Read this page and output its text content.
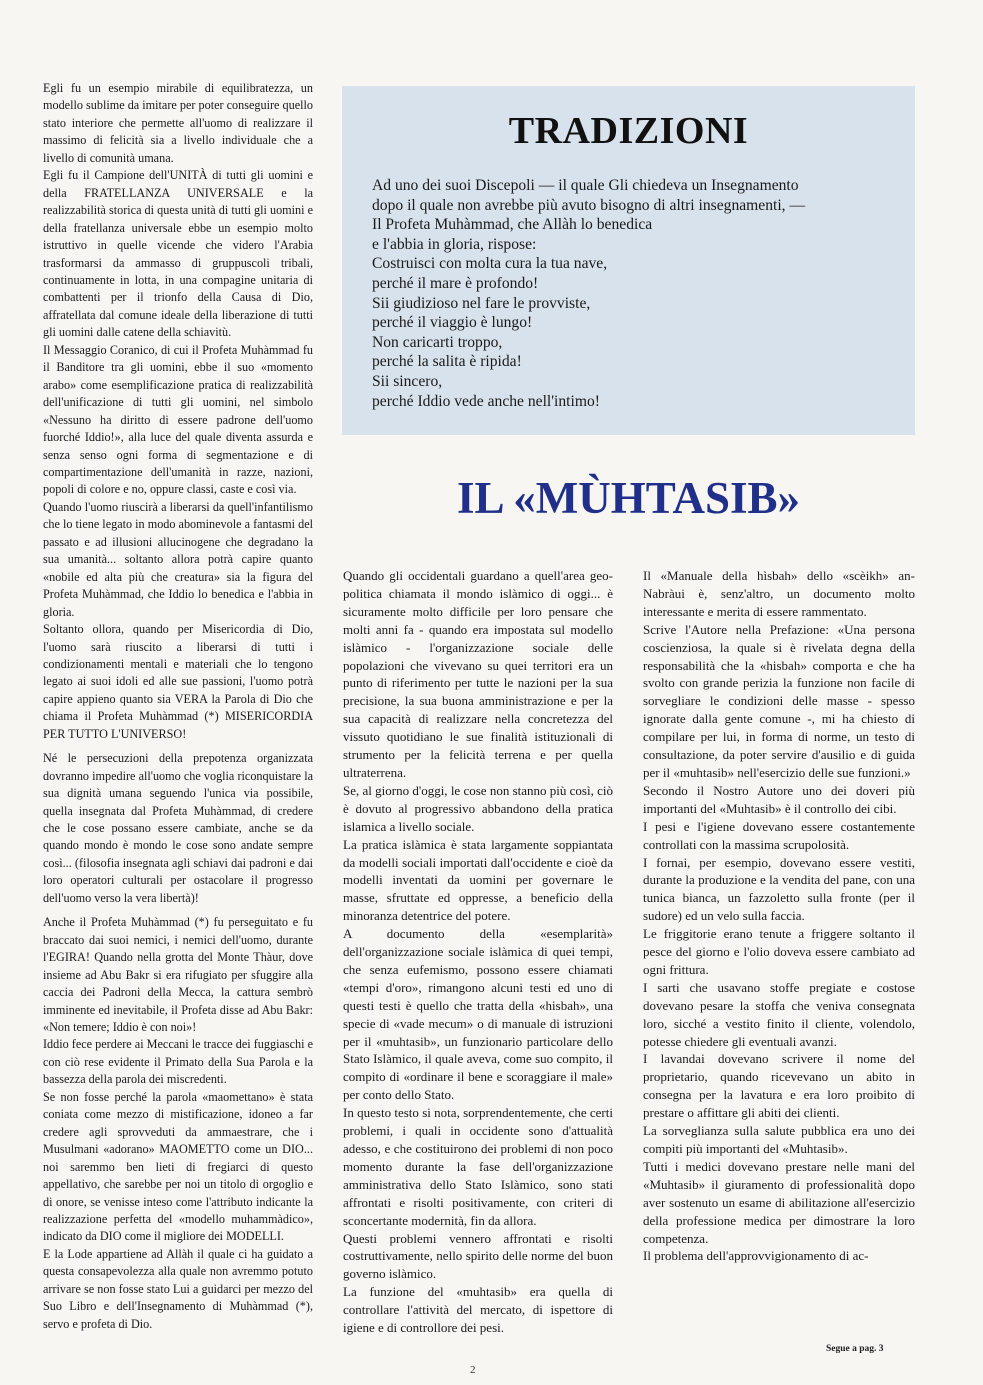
Egli fu un esempio mirabile di equilibratezza, un modello sublime da imitare per poter conseguire quello stato interiore che permette all'uomo di realizzare il massimo di felicità sia a livello individuale che a livello di comunità umana.

Egli fu il Campione dell'UNITÀ di tutti gli uomini e della FRATELLANZA UNIVERSALE e la realizzabilità storica di questa unità di tutti gli uomini e della fratellanza universale ebbe un esempio molto istruttivo in quelle vicende che videro l'Arabia trasformarsi da ammasso di gruppuscoli tribali, continuamente in lotta, in una compagine unitaria di combattenti per il trionfo della Causa di Dio, affratellata dal comune ideale della liberazione di tutti gli uomini dalle catene della schiavitù.

Il Messaggio Coranico, di cui il Profeta Muhàmmad fu il Banditore tra gli uomini, ebbe il suo «momento arabo» come esemplificazione pratica di realizzabilità dell'unificazione di tutti gli uomini, nel simbolo «Nessuno ha diritto di essere padrone dell'uomo fuorché Iddio!», alla luce del quale diventa assurda e senza senso ogni forma di segmentazione e di compartimentazione dell'umanità in razze, nazioni, popoli di colore e no, oppure classi, caste e così via.

Quando l'uomo riuscirà a liberarsi da quell'infantilismo che lo tiene legato in modo abominevole a fantasmi del passato e ad illusioni allucinogene che degradano la sua umanità... soltanto allora potrà capire quanto «nobile ed alta più che creatura» sia la figura del Profeta Muhàmmad, che Iddio lo benedica e l'abbia in gloria.

Soltanto ollora, quando per Misericordia di Dio, l'uomo sarà riuscito a liberarsi di tutti i condizionamenti mentali e materiali che lo tengono legato ai suoi idoli ed alle sue passioni, l'uomo potrà capire appieno quanto sia VERA la Parola di Dio che chiama il Profeta Muhàmmad (*) MISERICORDIA PER TUTTO L'UNIVERSO!

Né le persecuzioni della prepotenza organizzata dovranno impedire all'uomo che voglia riconquistare la sua dignità umana seguendo l'unica via possibile, quella insegnata dal Profeta Muhàmmad, di credere che le cose possano essere cambiate, anche se da quando mondo è mondo le cose sono andate sempre così... (filosofia insegnata agli schiavi dai padroni e dai loro operatori culturali per ostacolare il progresso dell'uomo verso la vera libertà)!

Anche il Profeta Muhàmmad (*) fu perseguitato e fu braccato dai suoi nemici, i nemici dell'uomo, durante l'EGIRA! Quando nella grotta del Monte Thàur, dove insieme ad Abu Bakr si era rifugiato per sfuggire alla caccia dei Padroni della Mecca, la cattura sembrò imminente ed inevitabile, il Profeta disse ad Abu Bakr: «Non temere; Iddio è con noi»!

Iddio fece perdere ai Meccani le tracce dei fuggiaschi e con ciò rese evidente il Primato della Sua Parola e la bassezza della parola dei miscredenti.

Se non fosse perché la parola «maomettano» è stata coniata come mezzo di mistificazione, idoneo a far credere agli sprovveduti da ammaestrare, che i Musulmani «adorano» MAOMETTO come un DIO... noi saremmo ben lieti di fregiarci di questo appellativo, che sarebbe per noi un titolo di orgoglio e di onore, se venisse inteso come l'attributo indicante la realizzazione perfetta del «modello muhammàdico», indicato da DIO come il migliore dei MODELLI.

E la Lode appartiene ad Allàh il quale ci ha guidato a questa consapevolezza alla quale non avremmo potuto arrivare se non fosse stato Lui a guidarci per mezzo del Suo Libro e dell'Insegnamento di Muhàmmad (*), servo e profeta di Dio.

TRADIZIONI
Ad uno dei suoi Discepoli — il quale Gli chiedeva un Insegnamento
dopo il quale non avrebbe più avuto bisogno di altri insegnamenti, —
Il Profeta Muhàmmad, che Allàh lo benedica
e l'abbia in gloria, rispose:
Costruisci con molta cura la tua nave,
perché il mare è profondo!
Sii giudizioso nel fare le provviste,
perché il viaggio è lungo!
Non caricarti troppo,
perché la salita è ripida!
Sii sincero,
perché Iddio vede anche nell'intimo!
IL «MÙHTASIB»

Quando gli occidentali guardano a quell'area geo-politica chiamata il mondo islàmico di oggi... è sicuramente molto difficile per loro pensare che molti anni fa - quando era impostata sul modello islàmico - l'organizzazione sociale delle popolazioni che vivevano su quei territori era un punto di riferimento per tutte le nazioni per la sua precisione, la sua buona amministrazione e per la sua capacità di realizzare nella concretezza del vissuto quotidiano le sue finalità istituzionali di strumento per la felicità terrena e per quella ultraterrena.

Se, al giorno d'oggi, le cose non stanno più così, ciò è dovuto al progressivo abbandono della pratica islamica a livello sociale.

La pratica islàmica è stata largamente soppiantata da modelli sociali importati dall'occidente e cioè da modelli inventati da uomini per governare le masse, sfruttate ed oppresse, a beneficio della minoranza detentrice del potere.

A documento della «esemplarità» dell'organizzazione sociale islàmica di quei tempi, che senza eufemismo, possono essere chiamati «tempi d'oro», rimangono alcuni testi ed uno di questi testi è quello che tratta della «hisbah», una specie di «vade mecum» o di manuale di istruzioni per il «muhtasib», un funzionario particolare dello Stato Islàmico, il quale aveva, come suo compito, il compito di «ordinare il bene e scoraggiare il male» per conto dello Stato.

In questo testo si nota, sorprendentemente, che certi problemi, i quali in occidente sono d'attualità adesso, e che costituirono dei problemi di non poco momento durante la fase dell'organizzazione amministrativa dello Stato Islàmico, sono stati affrontati e risolti positivamente, con criteri di sconcertante modernità, fin da allora.

Questi problemi vennero affrontati e risolti costruttivamente, nello spirito delle norme del buon governo islàmico.

La funzione del «muhtasib» era quella di controllare l'attività del mercato, di ispettore di igiene e di controllore dei pesi.

Il «Manuale della hìsbah» dello «scèikh» an-Nabràui è, senz'altro, un documento molto interessante e merita di essere rammentato.

Scrive l'Autore nella Prefazione: «Una persona coscienziosa, la quale si è rivelata degna della responsabilità che la «hisbah» comporta e che ha svolto con grande perizia la funzione non facile di sorvegliare le condizioni delle masse - spesso ignorate dalla gente comune -, mi ha chiesto di compilare per lui, in forma di norme, un testo di consultazione, da poter servire d'ausilio e di guida per il «muhtasib» nell'esercizio delle sue funzioni.»

Secondo il Nostro Autore uno dei doveri più importanti del «Muhtasib» è il controllo dei cibi.

I pesi e l'igiene dovevano essere costantemente controllati con la massima scrupolosità.

I fornai, per esempio, dovevano essere vestiti, durante la produzione e la vendita del pane, con una tunica bianca, un fazzoletto sulla fronte (per il sudore) ed un velo sulla faccia.

Le friggitorie erano tenute a friggere soltanto il pesce del giorno e l'olio doveva essere cambiato ad ogni frittura.

I sarti che usavano stoffe pregiate e costose dovevano pesare la stoffa che veniva consegnata loro, sicché a vestito finito il cliente, volendolo, potesse chiedere gli eventuali avanzi.

I lavandai dovevano scrivere il nome del proprietario, quando ricevevano un abito in consegna per la lavatura e era loro proibito di prestare o affittare gli abiti dei clienti.

La sorveglianza sulla salute pubblica era uno dei compiti più importanti del «Muhtasib».

Tutti i medici dovevano prestare nelle mani del «Muhtasib» il giuramento di professionalità dopo aver sostenuto un esame di abilitazione all'esercizio della professione medica per dimostrare la loro competenza.

Il problema dell'approvvigionamento di ac-

Segue a pag. 3
2
